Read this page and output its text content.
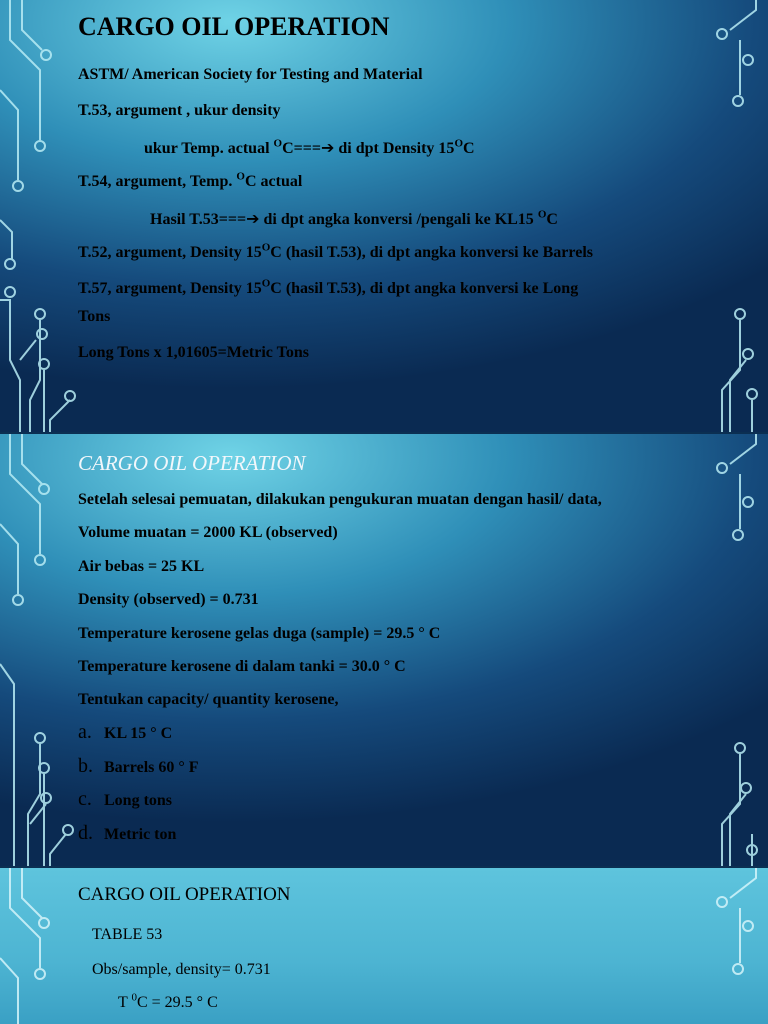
CARGO OIL OPERATION
ASTM/ American Society for Testing and Material
T.53, argument , ukur density
ukur Temp. actual $^O$C===➔ di dpt Density $15^OC$
T.54, argument, Temp. $^O$C actual
Hasil T.53===➔ di dpt angka konversi /pengali ke KL15 $^O$C
T.52, argument, Density $15^OC$ (hasil T.53), di dpt angka konversi ke Barrels
T.57, argument, Density $15^OC$ (hasil T.53), di dpt angka konversi ke Long
Tons
Long Tons x 1,01605=Metric Tons
CARGO OIL OPERATION
Setelah selesai pemuatan, dilakukan pengukuran muatan dengan hasil/ data,
Volume muatan = 2000 KL (observed)
Air bebas = 25 KL
Density (observed) = 0.731
Temperature kerosene gelas duga (sample) = 29.5 ° C
Temperature kerosene di dalam tanki = 30.0 ° C
Tentukan capacity/ quantity kerosene,
a. KL 15 ° C
b. Barrels 60 ° F
c. Long tons
d. Metric ton
CARGO OIL OPERATION
TABLE 53
Obs/sample, density= 0.731
T $^0$C = 29.5 ° C
